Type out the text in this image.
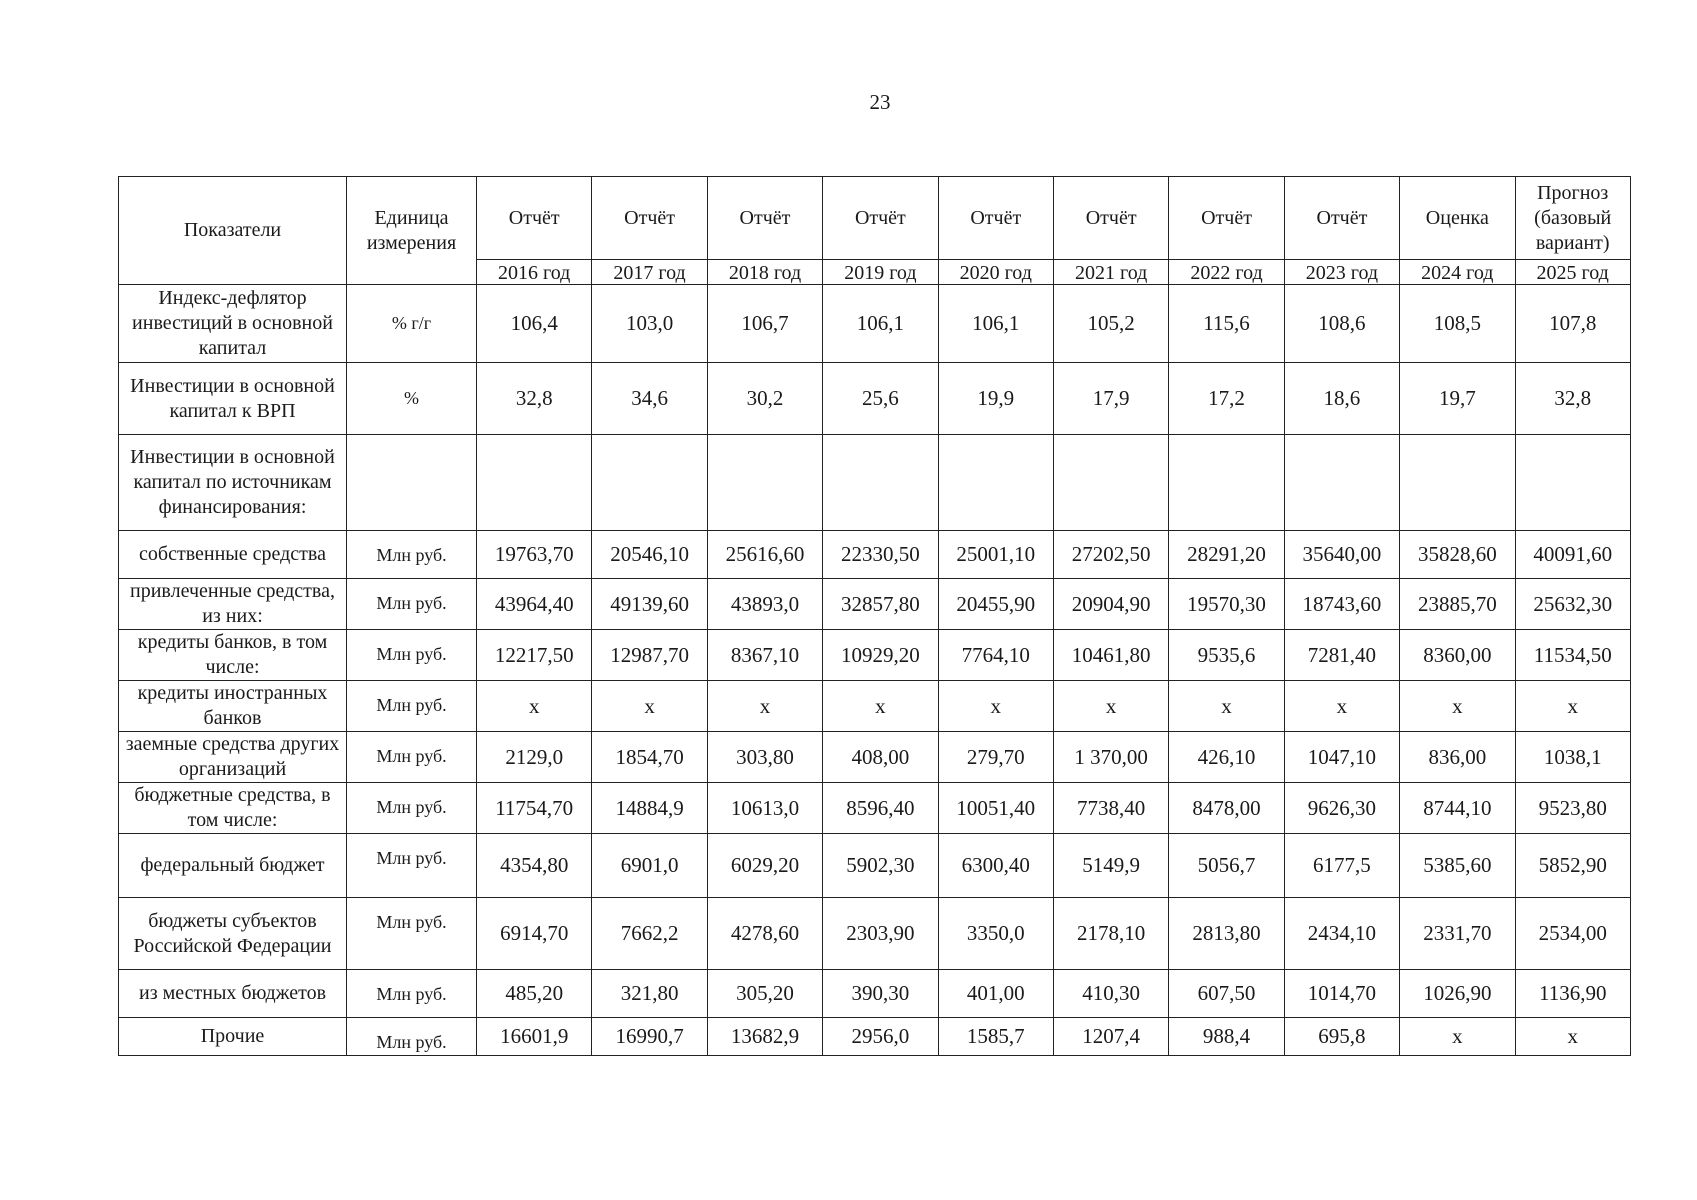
23
Показатели	Единица измерения	Отчёт	Отчёт	Отчёт	Отчёт	Отчёт	Отчёт	Отчёт	Отчёт	Оценка	Прогноз (базовый вариант)
		2016 год	2017 год	2018 год	2019 год	2020 год	2021 год	2022 год	2023 год	2024 год	2025 год
Индекс-дефлятор инвестиций в основной капитал	% г/г	106,4	103,0	106,7	106,1	106,1	105,2	115,6	108,6	108,5	107,8
Инвестиции в основной капитал к ВРП	%	32,8	34,6	30,2	25,6	19,9	17,9	17,2	18,6	19,7	32,8
Инвестиции в основной капитал по источникам финансирования:											
собственные средства	Млн руб.	19763,70	20546,10	25616,60	22330,50	25001,10	27202,50	28291,20	35640,00	35828,60	40091,60
привлеченные средства, из них:	Млн руб.	43964,40	49139,60	43893,0	32857,80	20455,90	20904,90	19570,30	18743,60	23885,70	25632,30
кредиты банков, в том числе:	Млн руб.	12217,50	12987,70	8367,10	10929,20	7764,10	10461,80	9535,6	7281,40	8360,00	11534,50
кредиты иностранных банков	Млн руб.	х	х	х	х	х	х	х	х	х	х
заемные средства других организаций	Млн руб.	2129,0	1854,70	303,80	408,00	279,70	1 370,00	426,10	1047,10	836,00	1038,1
бюджетные средства, в том числе:	Млн руб.	11754,70	14884,9	10613,0	8596,40	10051,40	7738,40	8478,00	9626,30	8744,10	9523,80
федеральный бюджет	Млн руб.	4354,80	6901,0	6029,20	5902,30	6300,40	5149,9	5056,7	6177,5	5385,60	5852,90
бюджеты субъектов Российской Федерации	Млн руб.	6914,70	7662,2	4278,60	2303,90	3350,0	2178,10	2813,80	2434,10	2331,70	2534,00
из местных бюджетов	Млн руб.	485,20	321,80	305,20	390,30	401,00	410,30	607,50	1014,70	1026,90	1136,90
Прочие	Млн руб.	16601,9	16990,7	13682,9	2956,0	1585,7	1207,4	988,4	695,8	х	х
